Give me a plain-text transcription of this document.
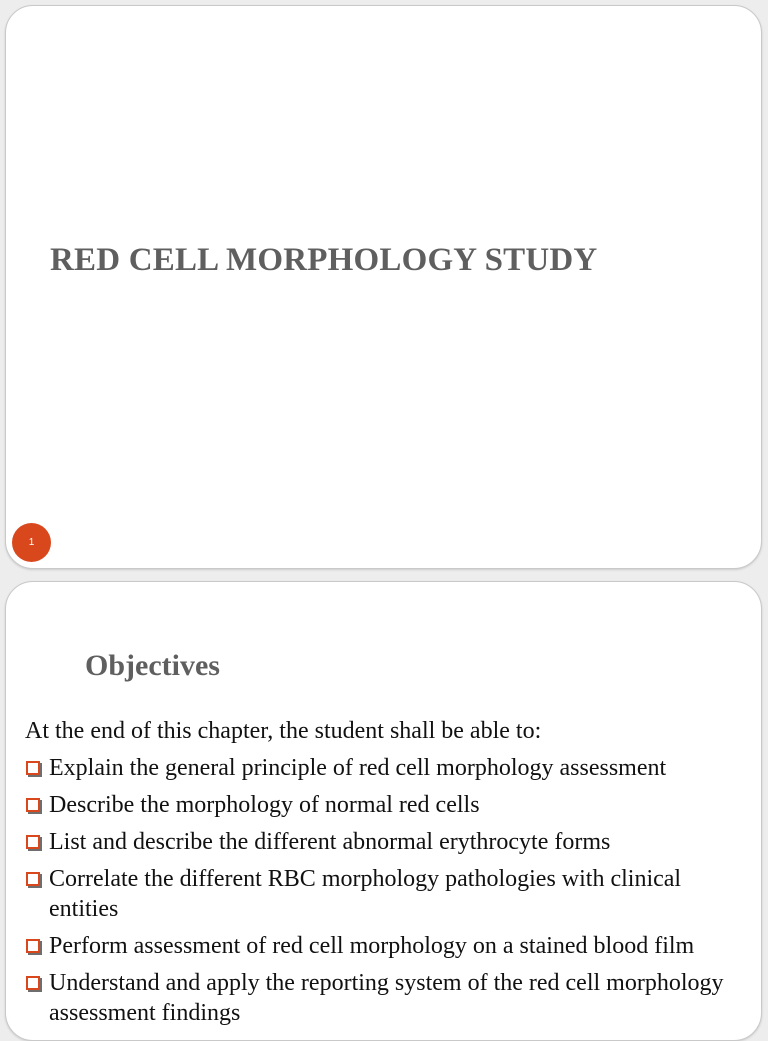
RED CELL MORPHOLOGY STUDY
1
Objectives

At the end of this chapter, the student shall be able to:

Explain the general principle of red cell morphology assessment
Describe the morphology of normal red cells
List and describe the different abnormal erythrocyte forms
Correlate the different RBC morphology pathologies with clinical entities
Perform assessment of red cell morphology on a stained blood film
Understand and apply the reporting system of the red cell morphology assessment findings
